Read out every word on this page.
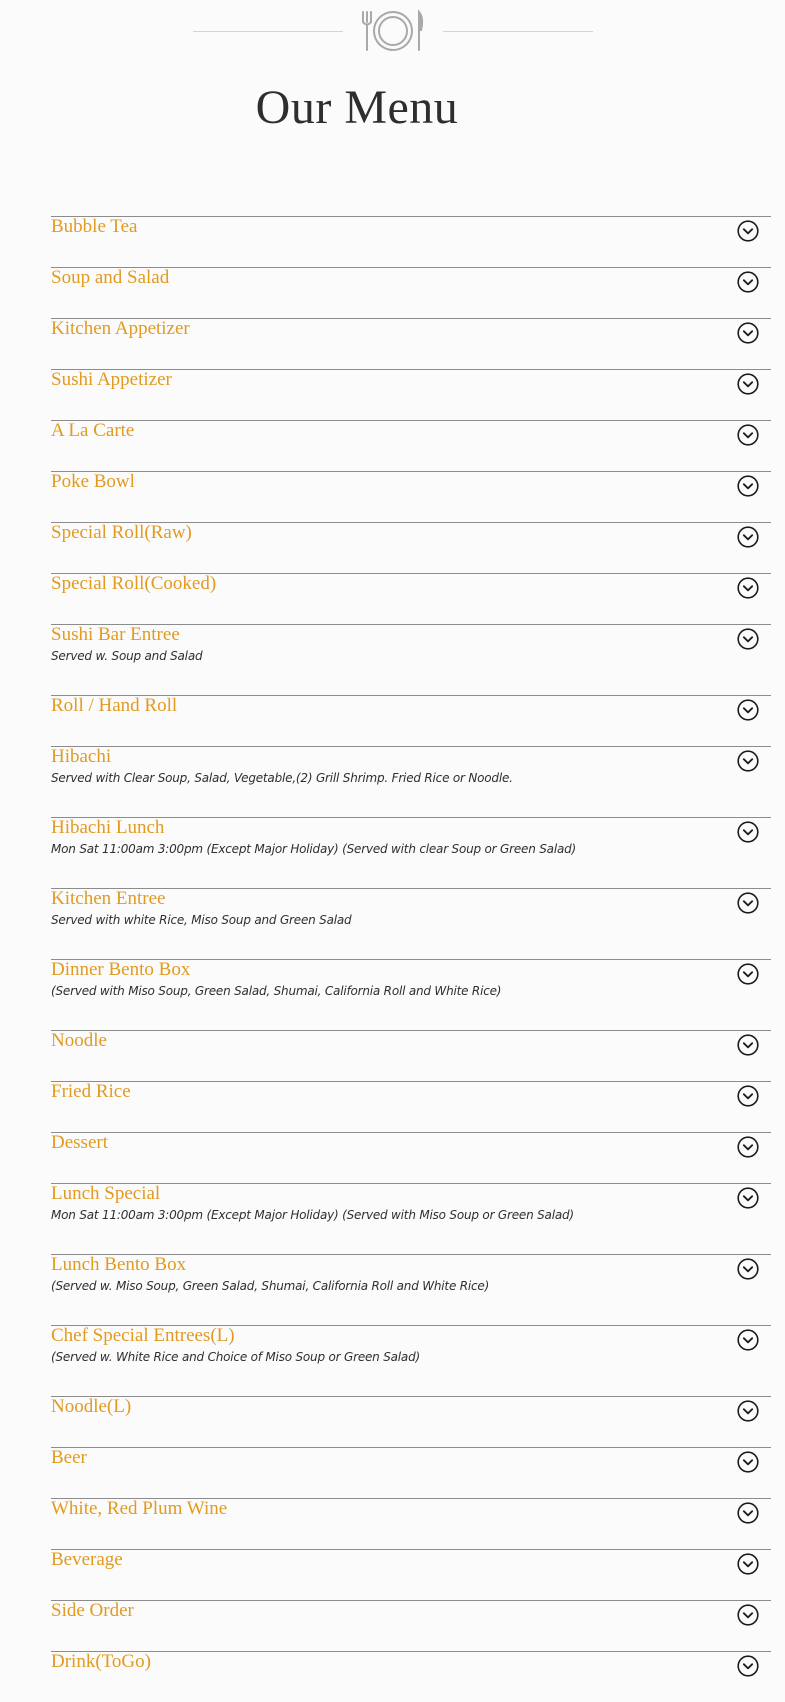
Our Menu
Bubble Tea
Soup and Salad
Kitchen Appetizer
Sushi Appetizer
A La Carte
Poke Bowl
Special Roll(Raw)
Special Roll(Cooked)
Sushi Bar Entree
Served w. Soup and Salad
Roll / Hand Roll
Hibachi
Served with Clear Soup, Salad, Vegetable,(2) Grill Shrimp. Fried Rice or Noodle.
Hibachi Lunch
Mon Sat 11:00am 3:00pm (Except Major Holiday) (Served with clear Soup or Green Salad)
Kitchen Entree
Served with white Rice, Miso Soup and Green Salad
Dinner Bento Box
(Served with Miso Soup, Green Salad, Shumai, California Roll and White Rice)
Noodle
Fried Rice
Dessert
Lunch Special
Mon Sat 11:00am 3:00pm (Except Major Holiday) (Served with Miso Soup or Green Salad)
Lunch Bento Box
(Served w. Miso Soup, Green Salad, Shumai, California Roll and White Rice)
Chef Special Entrees(L)
(Served w. White Rice and Choice of Miso Soup or Green Salad)
Noodle(L)
Beer
White, Red Plum Wine
Beverage
Side Order
Drink(ToGo)
